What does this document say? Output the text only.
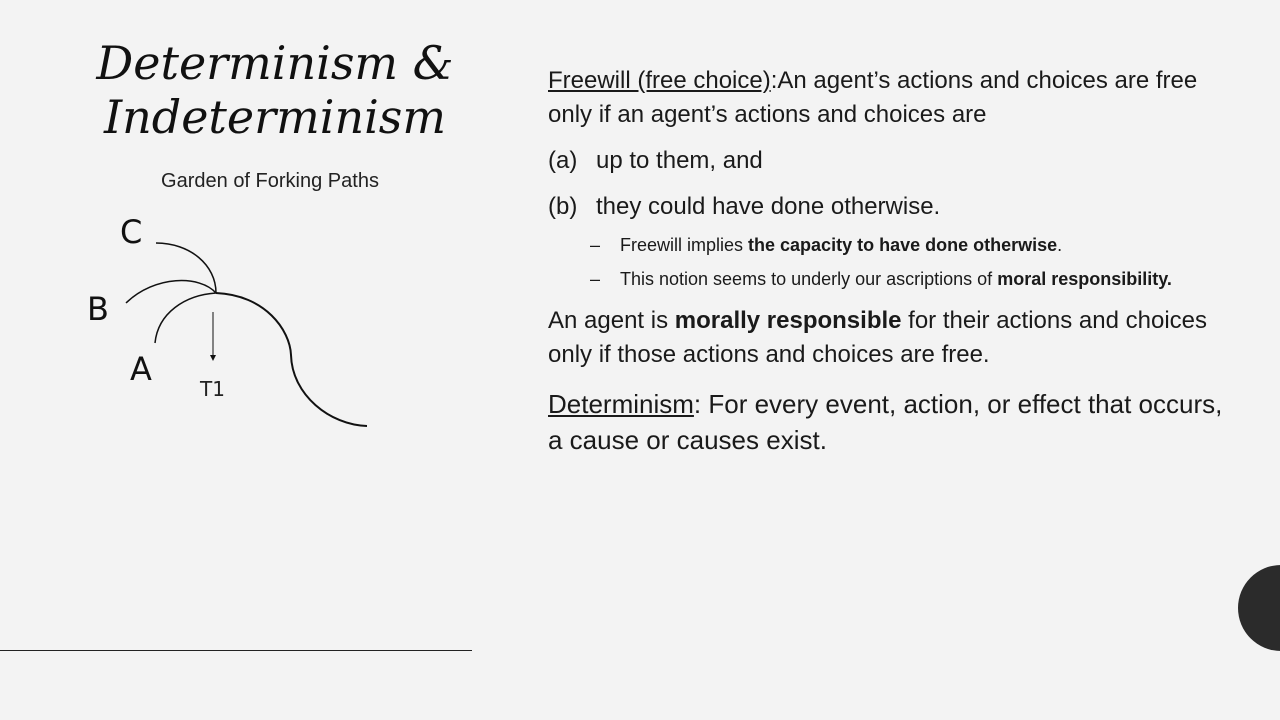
Determinism &
Indeterminism
Garden of Forking Paths
C
B
A
T1

Freewill (free choice):An agent’s actions and choices are free only if an agent’s actions and choices are

(a) up to them, and
(b) they could have done otherwise.
–	Freewill implies the capacity to have done otherwise.
–	This notion seems to underly our ascriptions of moral responsibility.

An agent is morally responsible for their actions and choices only if those actions and choices are free.

Determinism: For every event, action, or effect that occurs, a cause or causes exist.
